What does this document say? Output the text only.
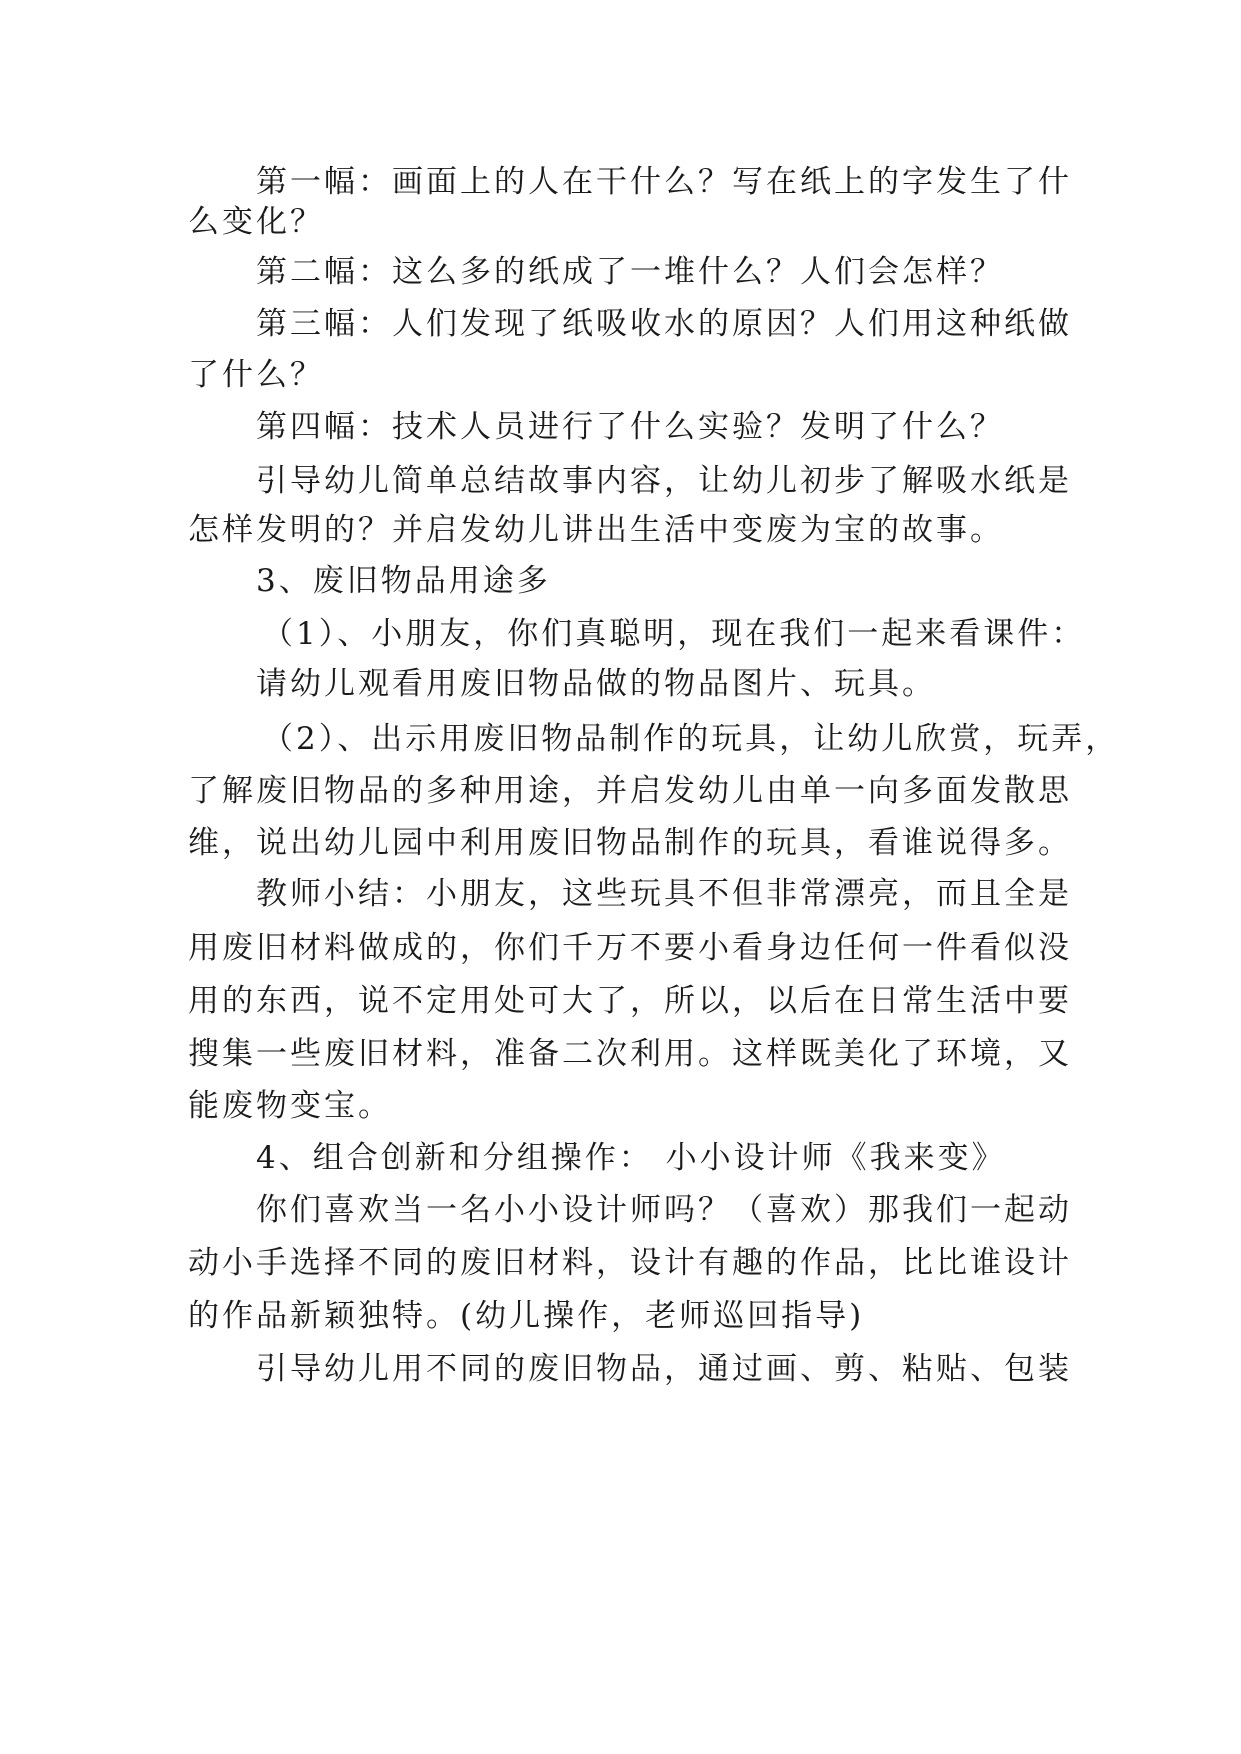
第一幅：画面上的人在干什么？写在纸上的字发生了什
么变化？
第二幅：这么多的纸成了一堆什么？人们会怎样？
第三幅：人们发现了纸吸收水的原因？人们用这种纸做
了什么？
第四幅：技术人员进行了什么实验？发明了什么？
引导幼儿简单总结故事内容，让幼儿初步了解吸水纸是
怎样发明的？并启发幼儿讲出生活中变废为宝的故事。
3、废旧物品用途多
（1）、小朋友，你们真聪明，现在我们一起来看课件：
请幼儿观看用废旧物品做的物品图片、玩具。
（2）、出示用废旧物品制作的玩具，让幼儿欣赏，玩弄，
了解废旧物品的多种用途，并启发幼儿由单一向多面发散思
维，说出幼儿园中利用废旧物品制作的玩具，看谁说得多。
教师小结：小朋友，这些玩具不但非常漂亮，而且全是
用废旧材料做成的，你们千万不要小看身边任何一件看似没
用的东西，说不定用处可大了，所以，以后在日常生活中要
搜集一些废旧材料，准备二次利用。这样既美化了环境，又
能废物变宝。
4、组合创新和分组操作： 小小设计师《我来变》
你们喜欢当一名小小设计师吗？（喜欢）那我们一起动
动小手选择不同的废旧材料，设计有趣的作品，比比谁设计
的作品新颖独特。(幼儿操作，老师巡回指导)
引导幼儿用不同的废旧物品，通过画、剪、粘贴、包装
